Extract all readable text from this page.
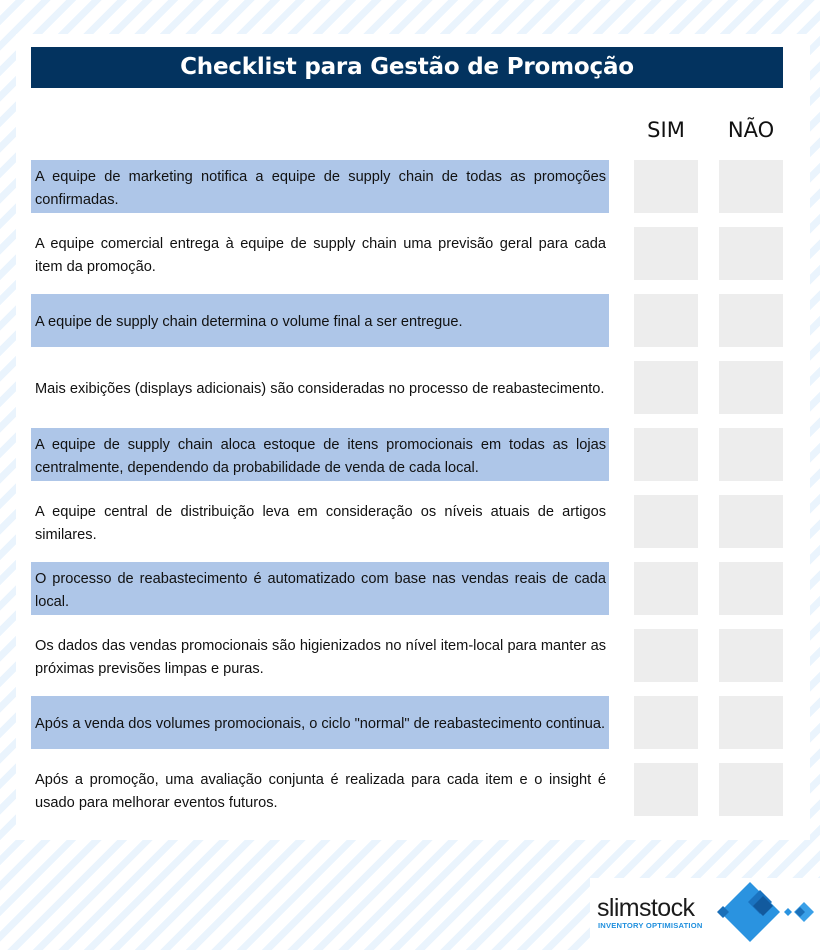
Checklist para Gestão de Promoção
SIM	NÃO
A equipe de marketing notifica a equipe de supply chain de todas as promoções confirmadas.
A equipe comercial entrega à equipe de supply chain uma previsão geral para cada item da promoção.
A equipe de supply chain determina o volume final a ser entregue.
Mais exibições (displays adicionais) são consideradas no processo de reabastecimento.
A equipe de supply chain aloca estoque de itens promocionais em todas as lojas centralmente, dependendo da probabilidade de venda de cada local.
A equipe central de distribuição leva em consideração os níveis atuais de artigos similares.
O processo de reabastecimento é automatizado com base nas vendas reais de cada local.
Os dados das vendas promocionais são higienizados no nível item-local para manter as próximas previsões limpas e puras.
Após a venda dos volumes promocionais, o ciclo "normal" de reabastecimento continua.
Após a promoção, uma avaliação conjunta é realizada para cada item e o insight é usado para melhorar eventos futuros.
slimstock
INVENTORY OPTIMISATION
